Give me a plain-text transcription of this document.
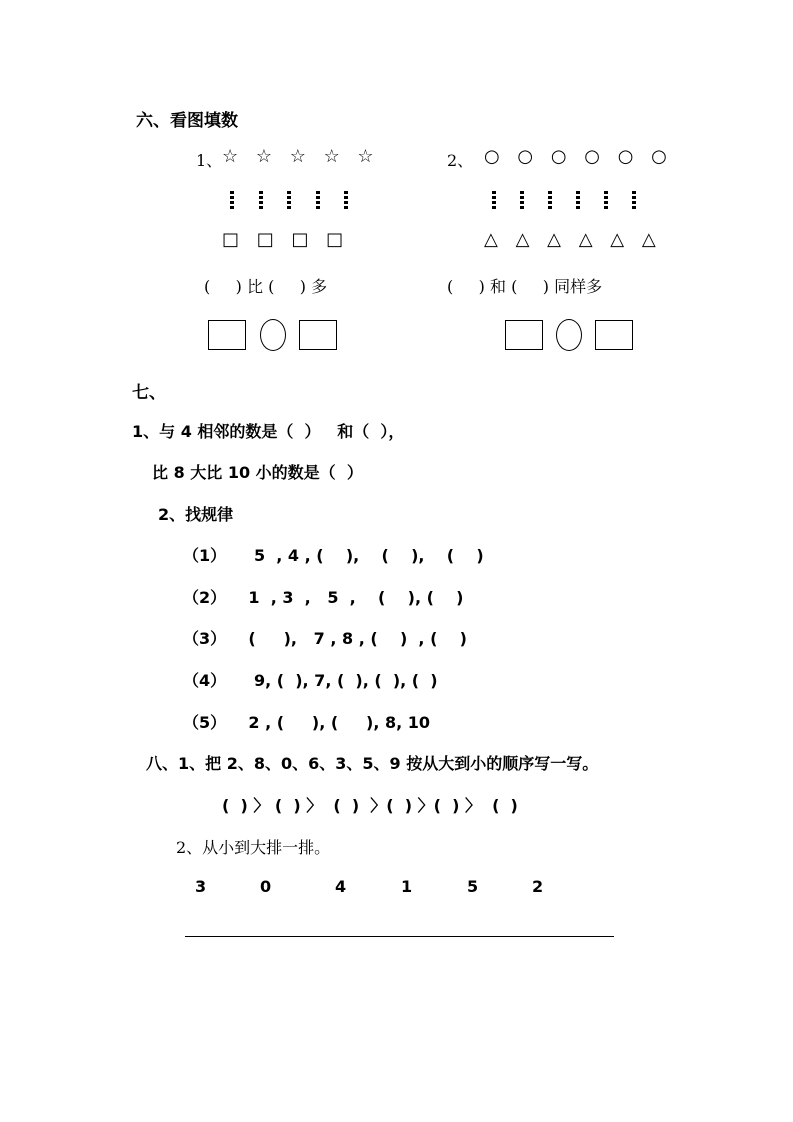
六、看图填数
1、 ☆ ☆ ☆ ☆ ☆
□ □ □ □
(     ) 比 (     ) 多
2、 ○ ○ ○ ○ ○ ○
△ △ △ △ △ △
(     ) 和 (     ) 同样多
七、
1、与 4 相邻的数是（  ）   和（  ），
比 8 大比 10 小的数是（  ）
2、找规律
（1）     5  , 4 , (    ),    (    ),    (    )
（2）    1  , 3  ,   5  ,    (    ), (    )
（3）    (     ),   7 , 8 , (    )  , (    )
（4）     9, (  ), 7, (  ), (  ), (  )
（5）    2 , (     ), (     ), 8, 10
八、1、把 2、8、0、6、3、5、9 按从大到小的顺序写一写。
(  ) 〉 (  ) 〉  (  )  〉(  ) 〉(  ) 〉  (  )
2、从小到大排一排。
3	0	4	1	5	2
